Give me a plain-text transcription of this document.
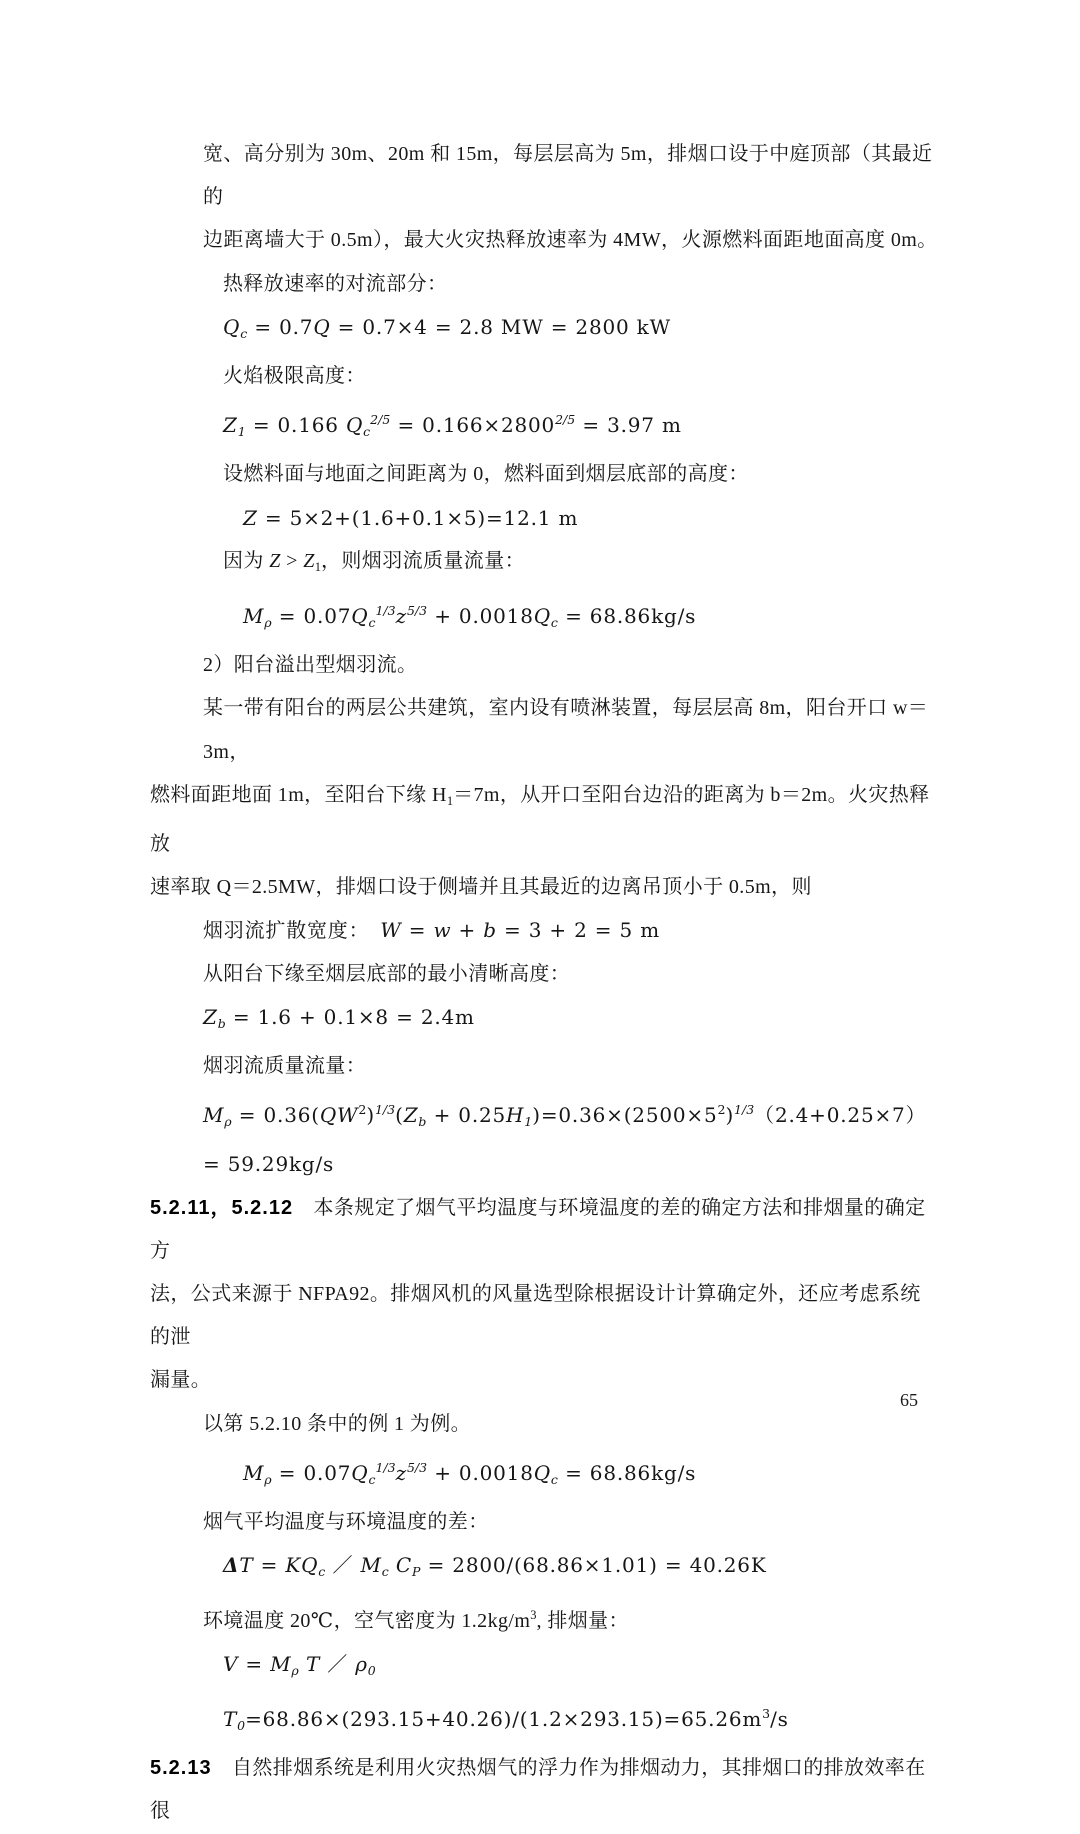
宽、高分别为 30m、20m 和 15m，每层层高为 5m，排烟口设于中庭顶部（其最近的
边距离墙大于 0.5m），最大火灾热释放速率为 4MW，火源燃料面距地面高度 0m。
热释放速率的对流部分：
$Q_c = 0.7Q = 0.7\times 4 = 2.8$ MW = 2800 kW
火焰极限高度：
$Z_1 = 0.166$ $Q_c^{2/5} = 0.166\times 2800^{2/5} = 3.97$ m
设燃料面与地面之间距离为 0，燃料面到烟层底部的高度：
Z = 5×2+(1.6+0.1×5)=12.1 m
因为 $Z > Z_1$，则烟羽流质量流量：
$M_\rho = 0.07Q_c^{1/3}z^{5/3} + 0.0018Q_c = 68.86kg/s$
2）阳台溢出型烟羽流。
某一带有阳台的两层公共建筑，室内设有喷淋装置，每层层高 8m，阳台开口 w＝3m，
燃料面距地面 1m，至阳台下缘 $H_1=7m$，从开口至阳台边沿的距离为 b＝2m。火灾热释放
速率取 Q＝2.5MW，排烟口设于侧墙并且其最近的边离吊顶小于 0.5m，则
烟羽流扩散宽度：　W = w + b = 3 + 2 = 5 m
从阳台下缘至烟层底部的最小清晰高度：
$Z_b = 1.6 + 0.1\times 8 = 2.4m$
烟羽流质量流量：
$M_\rho = 0.36(QW^2)^{1/3}(Z_b + 0.25H_1)=0.36\times(2500\times 5^2)^{1/3}(2.4+0.25\times 7) = 59.29kg/s$
5.2.11，5.2.12　本条规定了烟气平均温度与环境温度的差的确定方法和排烟量的确定方
法，公式来源于 NFPA92。排烟风机的风量选型除根据设计计算确定外，还应考虑系统的泄
漏量。
以第 5.2.10 条中的例 1 为例。
$M_\rho = 0.07Q_c^{1/3}z^{5/3} + 0.0018Q_c = 68.86kg/s$
烟气平均温度与环境温度的差：
$\Delta T = KQ_c$ ／ $M_c$ $C_P = 2800/(68.86\times 1.01) = 40.26K$
环境温度 20℃，空气密度为 $1.2kg/m^3$, 排烟量：
$V = M_\rho$ T ／ $\rho_0$ $T_0=68.86\times(293.15+40.26)/(1.2\times 293.15)=65.26m^3/s$
5.2.13　自然排烟系统是利用火灾热烟气的浮力作为排烟动力，其排烟口的排放效率在很
65
